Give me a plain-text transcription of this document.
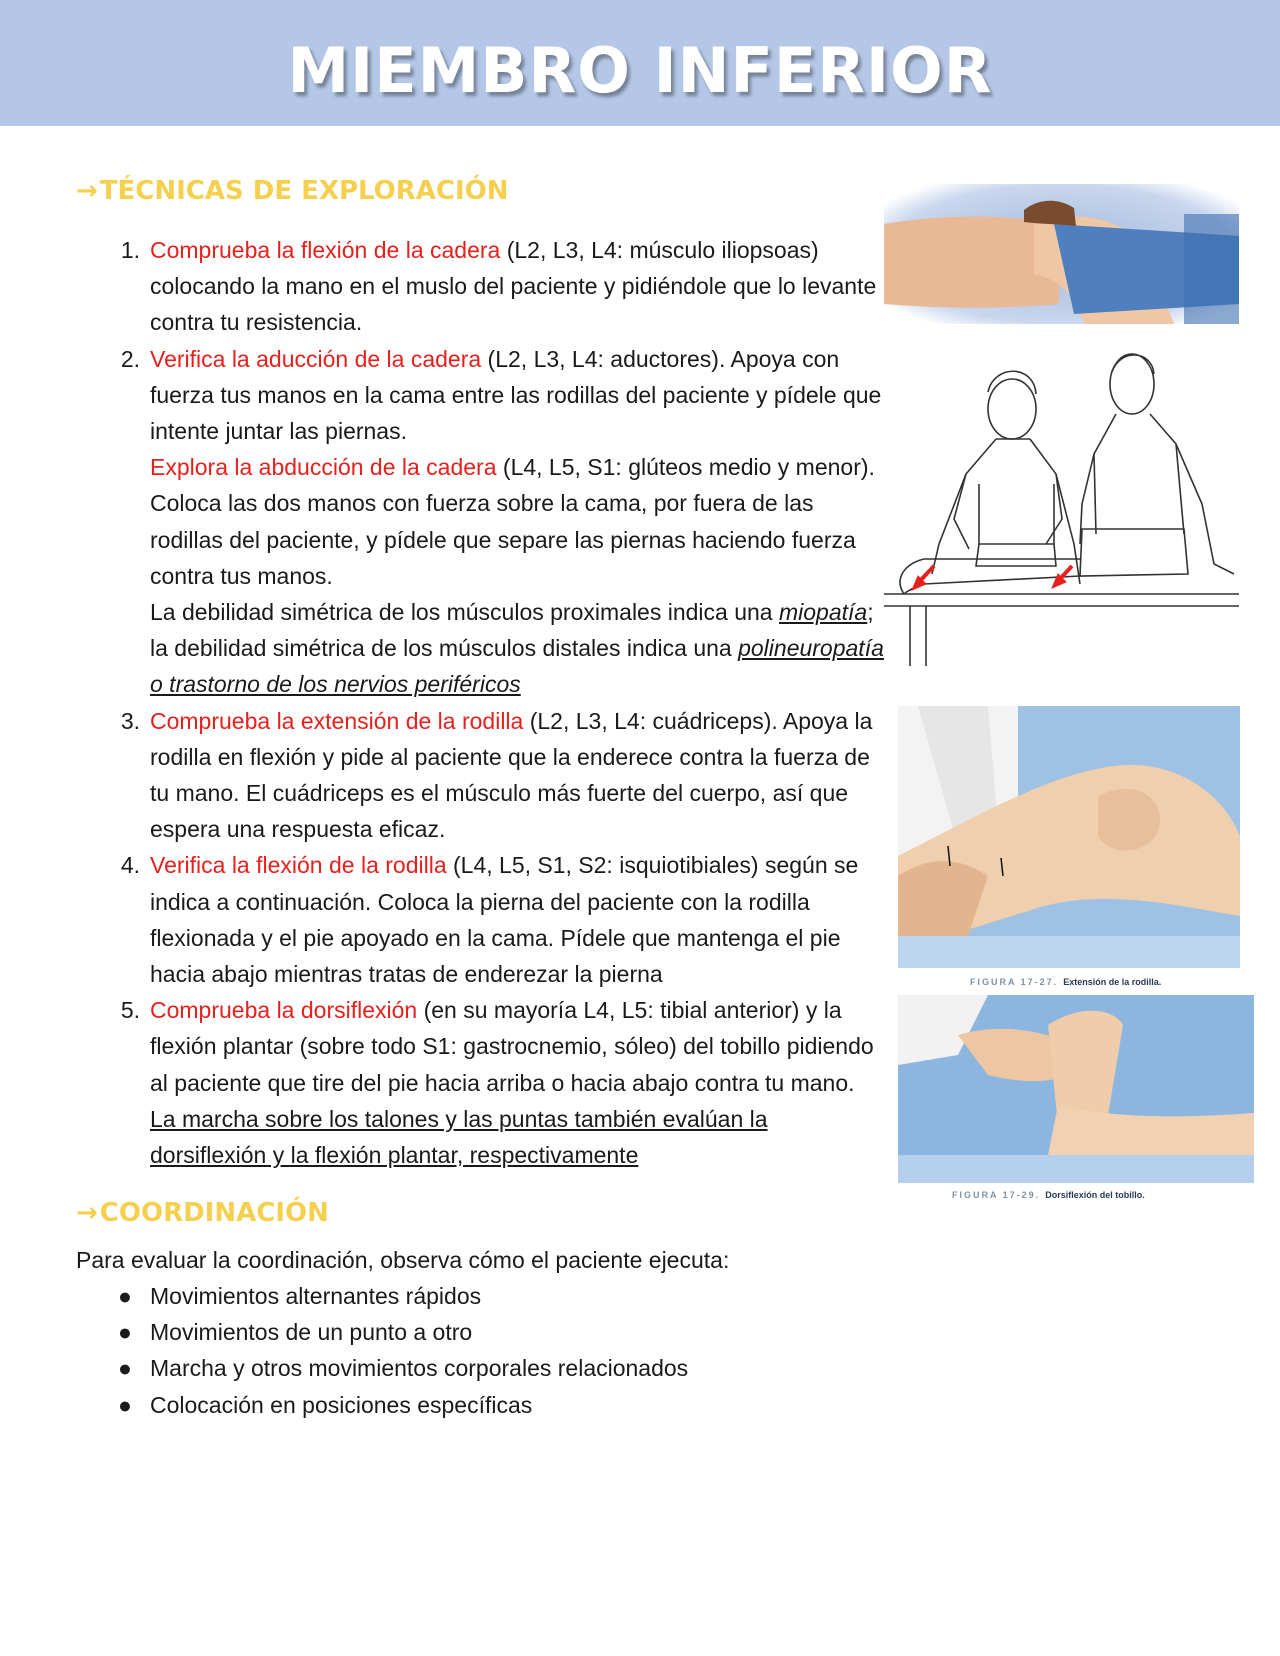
MIEMBRO INFERIOR
→TÉCNICAS DE EXPLORACIÓN
1. Comprueba la flexión de la cadera (L2, L3, L4: músculo iliopsoas) colocando la mano en el muslo del paciente y pidiéndole que lo levante contra tu resistencia.
2. Verifica la aducción de la cadera (L2, L3, L4: aductores). Apoya con fuerza tus manos en la cama entre las rodillas del paciente y pídele que intente juntar las piernas.
Explora la abducción de la cadera (L4, L5, S1: glúteos medio y menor). Coloca las dos manos con fuerza sobre la cama, por fuera de las rodillas del paciente, y pídele que separe las piernas haciendo fuerza contra tus manos.
La debilidad simétrica de los músculos proximales indica una miopatía; la debilidad simétrica de los músculos distales indica una polineuropatía o trastorno de los nervios periféricos
3. Comprueba la extensión de la rodilla (L2, L3, L4: cuádriceps). Apoya la rodilla en flexión y pide al paciente que la enderece contra la fuerza de tu mano. El cuádriceps es el músculo más fuerte del cuerpo, así que espera una respuesta eficaz.
4. Verifica la flexión de la rodilla (L4, L5, S1, S2: isquiotibiales) según se indica a continuación. Coloca la pierna del paciente con la rodilla flexionada y el pie apoyado en la cama. Pídele que mantenga el pie hacia abajo mientras tratas de enderezar la pierna
5. Comprueba la dorsiflexión (en su mayoría L4, L5: tibial anterior) y la flexión plantar (sobre todo S1: gastrocnemio, sóleo) del tobillo pidiendo al paciente que tire del pie hacia arriba o hacia abajo contra tu mano. La marcha sobre los talones y las puntas también evalúan la dorsiflexión y la flexión plantar, respectivamente
→COORDINACIÓN
Para evaluar la coordinación, observa cómo el paciente ejecuta:
● Movimientos alternantes rápidos
● Movimientos de un punto a otro
● Marcha y otros movimientos corporales relacionados
● Colocación en posiciones específicas
FIGURA 17-27. Extensión de la rodilla.
FIGURA 17-29. Dorsiflexión del tobillo.
